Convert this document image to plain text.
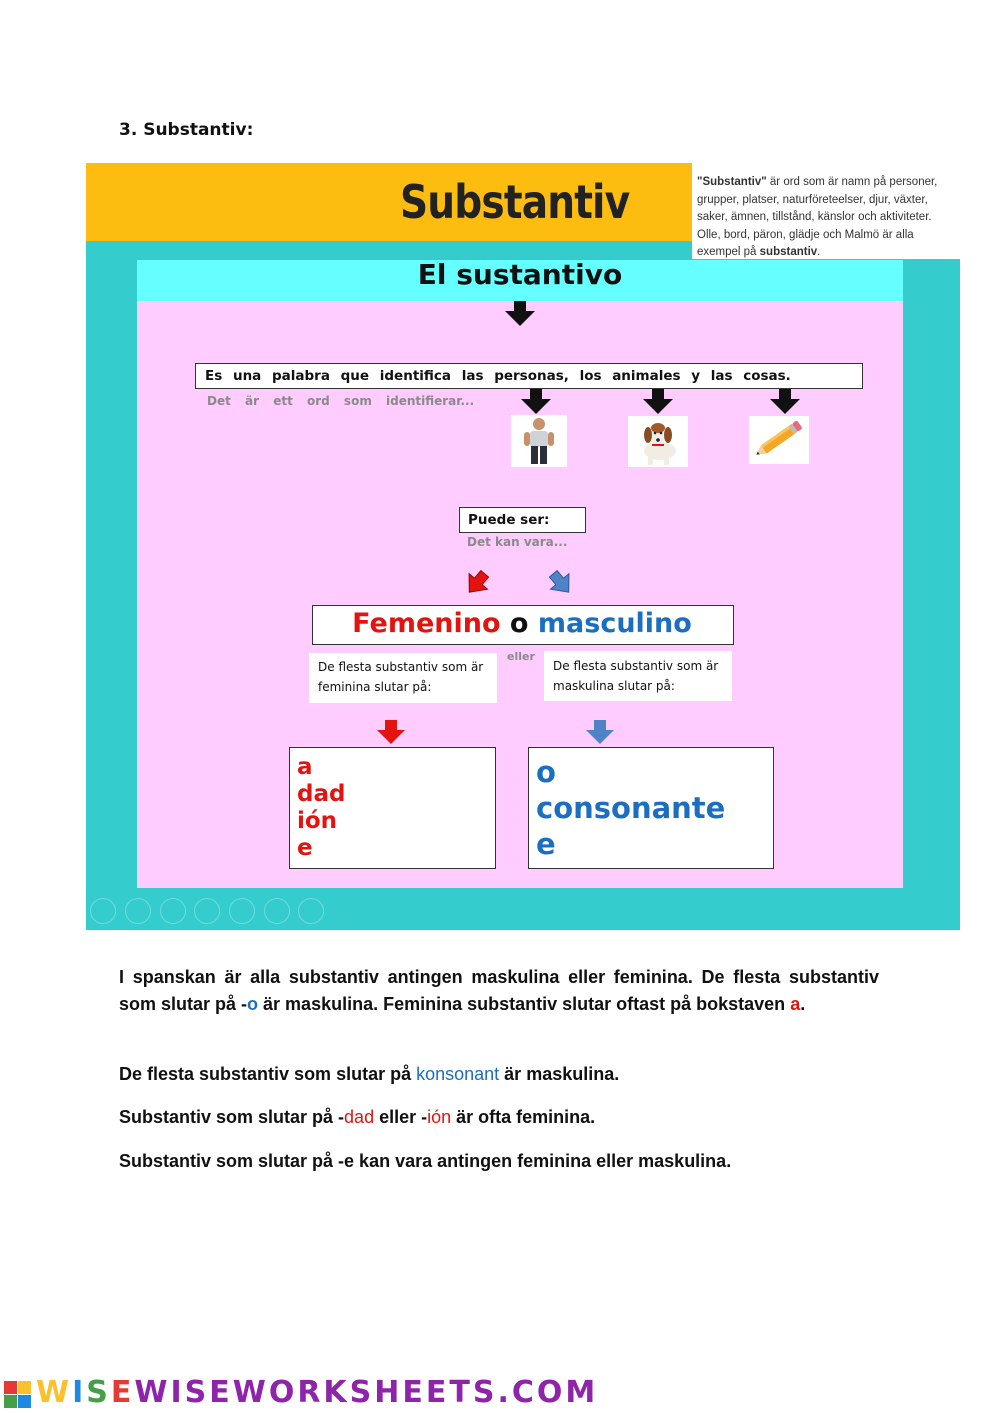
3. Substantiv:
Substantiv	"Substantiv" är ord som är namn på personer, grupper, platser, naturföreteelser, djur, växter, saker, ämnen, tillstånd, känslor och aktiviteter. Olle, bord, päron, glädje och Malmö är alla exempel på substantiv.
El sustantivo
Es una palabra que identifica las personas, los animales y las cosas.
Det är ett ord som identifierar...
Puede ser:
Det kan vara...
Femenino o masculino
eller
De flesta substantiv som är feminina slutar på:
De flesta substantiv som är maskulina slutar på:
a
dad
ión
e
o
consonante
e
I spanskan är alla substantiv antingen maskulina eller feminina. De flesta substantiv som slutar på -o är maskulina. Feminina substantiv slutar oftast på bokstaven a.
De flesta substantiv som slutar på konsonant är maskulina.
Substantiv som slutar på -dad eller -ión är ofta feminina.
Substantiv som slutar på -e kan vara antingen feminina eller maskulina.
WISEWISEWORKSHEETS.COM
